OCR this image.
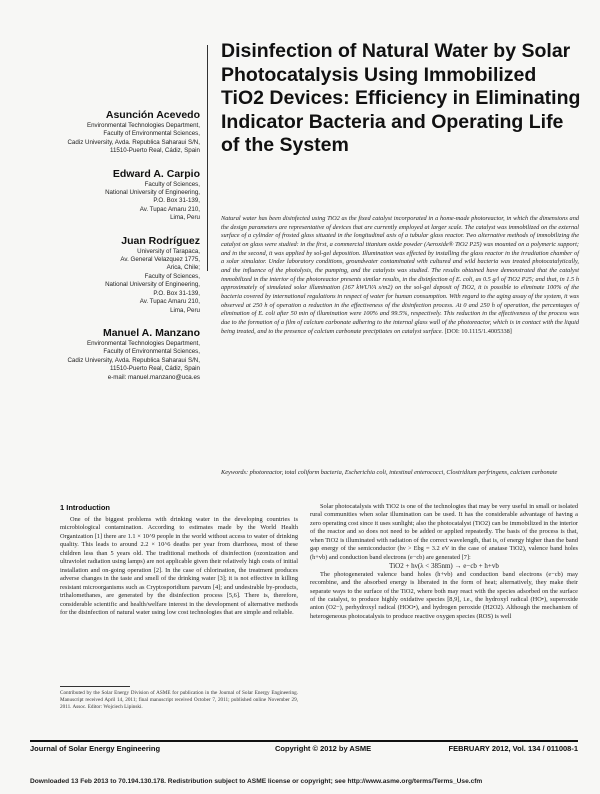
Disinfection of Natural Water by Solar Photocatalysis Using Immobilized TiO2 Devices: Efficiency in Eliminating Indicator Bacteria and Operating Life of the System
Asunción Acevedo
Environmental Technologies Department,
Faculty of Environmental Sciences,
Cadiz University, Avda. Republica Saharaui S/N,
11510-Puerto Real, Cádiz, Spain
Edward A. Carpio
Faculty of Sciences,
National University of Engineering,
P.O. Box 31-139,
Av. Tupac Amaru 210,
Lima, Peru
Juan Rodríguez
University of Tarapaca,
Av. General Velazquez 1775,
Arica, Chile;
Faculty of Sciences,
National University of Engineering,
P.O. Box 31-139,
Av. Tupac Amaru 210,
Lima, Peru
Manuel A. Manzano
Environmental Technologies Department,
Faculty of Environmental Sciences,
Cadiz University, Avda. Republica Saharaui S/N,
11510-Puerto Real, Cádiz, Spain
e-mail: manuel.manzano@uca.es
Natural water has been disinfected using TiO2 as the fixed catalyst incorporated in a home-made photoreactor, in which the dimensions and the design parameters are representative of devices that are currently employed at larger scale. The catalyst was immobilized on the external surface of a cylinder of frosted glass situated in the longitudinal axis of a tubular glass reactor. Two alternative methods of immobilizing the catalyst on glass were studied: in the first, a commercial titanium oxide powder (Aeroxide® TiO2 P25) was mounted on a polymeric support; and in the second, it was applied by sol-gel deposition. Illumination was effected by installing the glass reactor in the irradiation chamber of a solar simulator. Under laboratory conditions, groundwater contaminated with cultured and wild bacteria was treated photocatalytically, and the influence of the photolysis, the pumping, and the catalysts was studied. The results obtained have demonstrated that the catalyst immobilized in the interior of the photoreactor presents similar results, in the disinfection of E. coli, as 0.5 g/l of TiO2 P25; and that, in 1.5 h approximately of simulated solar illumination (167 kWUVA s/m2) on the sol-gel deposit of TiO2, it is possible to eliminate 100% of the bacteria covered by international regulations in respect of water for human consumption. With regard to the aging assay of the system, it was observed at 250 h of operation a reduction in the effectiveness of the disinfection process. At 0 and 250 h of operation, the percentages of elimination of E. coli after 50 min of illumination were 100% and 99.5%, respectively. This reduction in the effectiveness of the process was due to the formation of a film of calcium carbonate adhering to the internal glass wall of the photoreactor, which is in contact with the liquid being treated, and to the presence of calcium carbonate precipitates on catalyst surface. [DOI: 10.1115/1.4005338]
Keywords: photoreactor, total coliform bacteria, Escherichia coli, intestinal enterococci, Clostridium perfringens, calcium carbonate
1 Introduction

One of the biggest problems with drinking water in the developing countries is microbiological contamination. According to estimates made by the World Health Organization [1] there are 1.1 × 10^9 people in the world without access to water of drinking quality. This leads to around 2.2 × 10^6 deaths per year from diarrhoea, most of these children less than 5 years old. The traditional methods of disinfection (ozonization and ultraviolet radiation using lamps) are not applicable given their relatively high costs of initial installation and on-going operation [2]. In the case of chlorination, the treatment produces adverse changes in the taste and smell of the drinking water [3]; it is not effective in killing resistant microorganisms such as Cryptosporidium parvum [4]; and undesirable by-products, trihalomethanes, are generated by the disinfection process [5,6]. There is, therefore, considerable scientific and health/welfare interest in the development of alternative methods for the disinfection of natural water using low cost technologies that are simple and reliable.

Solar photocatalysis with TiO2 is one of the technologies that may be very useful in small or isolated rural communities when solar illumination can be used. It has the considerable advantage of having a zero operating cost since it uses sunlight; also the photocatalyst (TiO2) can be immobilized in the interior of the reactor and so does not need to be added or applied repeatedly. The basis of the process is that, when TiO2 is illuminated with radiation of the correct wavelength, that is, of energy higher than the band gap energy of the semiconductor (hν > Ebg = 3.2 eV in the case of anatase TiO2), valence band holes (h+vb) and conduction band electrons (e−cb) are generated [7]:

TiO2 + hν(λ < 385nm) → e−cb + h+vb

The photogenerated valence band holes (h+vb) and conduction band electrons (e−cb) may recombine, and the absorbed energy is liberated in the form of heat; alternatively, they make their separate ways to the surface of the TiO2, where both may react with the species adsorbed on the surface of the catalyst, to produce highly oxidative species [8,9], i.e., the hydroxyl radical (HO•), superoxide anion (O2−), perhydroxyl radical (HOO•), and hydrogen peroxide (H2O2). Although the mechanism of heterogeneous photocatalysis to produce reactive oxygen species (ROS) is well

Contributed by the Solar Energy Division of ASME for publication in the Journal of Solar Energy Engineering. Manuscript received April 14, 2011; final manuscript received October 7, 2011; published online November 29, 2011. Assoc. Editor: Wojciech Lipinski.
Journal of Solar Energy Engineering	Copyright © 2012 by ASME	FEBRUARY 2012, Vol. 134 / 011008-1
Downloaded 13 Feb 2013 to 70.194.130.178. Redistribution subject to ASME license or copyright; see http://www.asme.org/terms/Terms_Use.cfm
